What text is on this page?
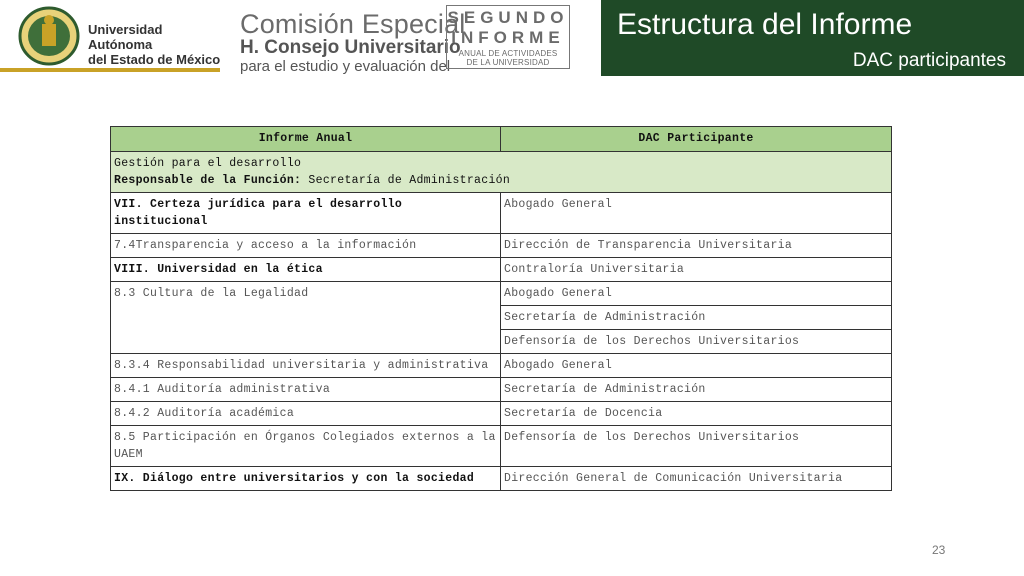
Universidad Autónoma
del Estado de México
Comisión Especial
H. Consejo Universitario
para el estudio y evaluación del
SEGUNDO
INFORME
ANUAL DE ACTIVIDADES
DE LA UNIVERSIDAD
Estructura del Informe
DAC participantes
Informe Anual	DAC Participante

Gestión para el desarrollo
Responsable de la Función: Secretaría de Administración	

VII. Certeza jurídica para el desarrollo institucional	Abogado General
7.4Transparencia y acceso a la información	Dirección de Transparencia Universitaria
VIII. Universidad en la ética	Contraloría Universitaria
8.3 Cultura de la Legalidad	Abogado General
	Secretaría de Administración
	Defensoría de los Derechos Universitarios
8.3.4 Responsabilidad universitaria y administrativa	Abogado General
8.4.1 Auditoría administrativa	Secretaría de Administración
8.4.2 Auditoría académica	Secretaría de Docencia
8.5 Participación en Órganos Colegiados externos a la UAEM	Defensoría de los Derechos Universitarios
IX. Diálogo entre universitarios y con la sociedad	Dirección General de Comunicación Universitaria
23
